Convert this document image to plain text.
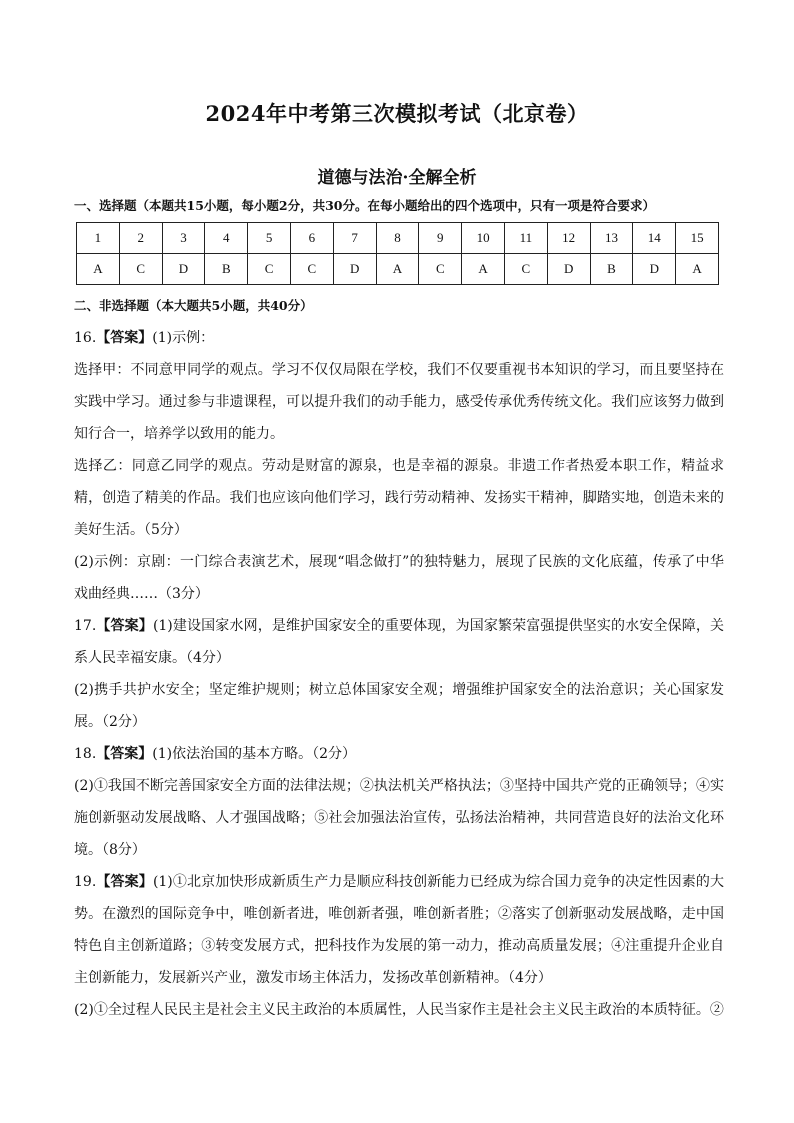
2024年中考第三次模拟考试（北京卷）
道德与法治·全解全析
一、选择题（本题共15小题，每小题2分，共30分。在每小题给出的四个选项中，只有一项是符合要求）
1	2	3	4	5	6	7	8	9	10	11	12	13	14	15
A	C	D	B	C	C	D	A	C	A	C	D	B	D	A
二、非选择题（本大题共5小题，共40分）

16.【答案】(1)示例：

选择甲：不同意甲同学的观点。学习不仅仅局限在学校，我们不仅要重视书本知识的学习，而且要坚持在实践中学习。通过参与非遗课程，可以提升我们的动手能力，感受传承优秀传统文化。我们应该努力做到知行合一，培养学以致用的能力。

选择乙：同意乙同学的观点。劳动是财富的源泉，也是幸福的源泉。非遗工作者热爱本职工作，精益求精，创造了精美的作品。我们也应该向他们学习，践行劳动精神、发扬实干精神，脚踏实地，创造未来的美好生活。（5分）

(2)示例：京剧：一门综合表演艺术，展现“唱念做打”的独特魅力，展现了民族的文化底蕴，传承了中华戏曲经典……（3分）

17.【答案】(1)建设国家水网，是维护国家安全的重要体现，为国家繁荣富强提供坚实的水安全保障，关系人民幸福安康。（4分）

(2)携手共护水安全；坚定维护规则；树立总体国家安全观；增强维护国家安全的法治意识；关心国家发展。（2分）

18.【答案】(1)依法治国的基本方略。（2分）

(2)①我国不断完善国家安全方面的法律法规；②执法机关严格执法；③坚持中国共产党的正确领导；④实施创新驱动发展战略、人才强国战略；⑤社会加强法治宣传，弘扬法治精神，共同营造良好的法治文化环境。（8分）

19.【答案】(1)①北京加快形成新质生产力是顺应科技创新能力已经成为综合国力竞争的决定性因素的大势。在激烈的国际竞争中，唯创新者进，唯创新者强，唯创新者胜；②落实了创新驱动发展战略，走中国特色自主创新道路；③转变发展方式，把科技作为发展的第一动力，推动高质量发展；④注重提升企业自主创新能力，发展新兴产业，激发市场主体活力，发扬改革创新精神。（4分）

(2)①全过程人民民主是社会主义民主政治的本质属性，人民当家作主是社会主义民主政治的本质特征。②
